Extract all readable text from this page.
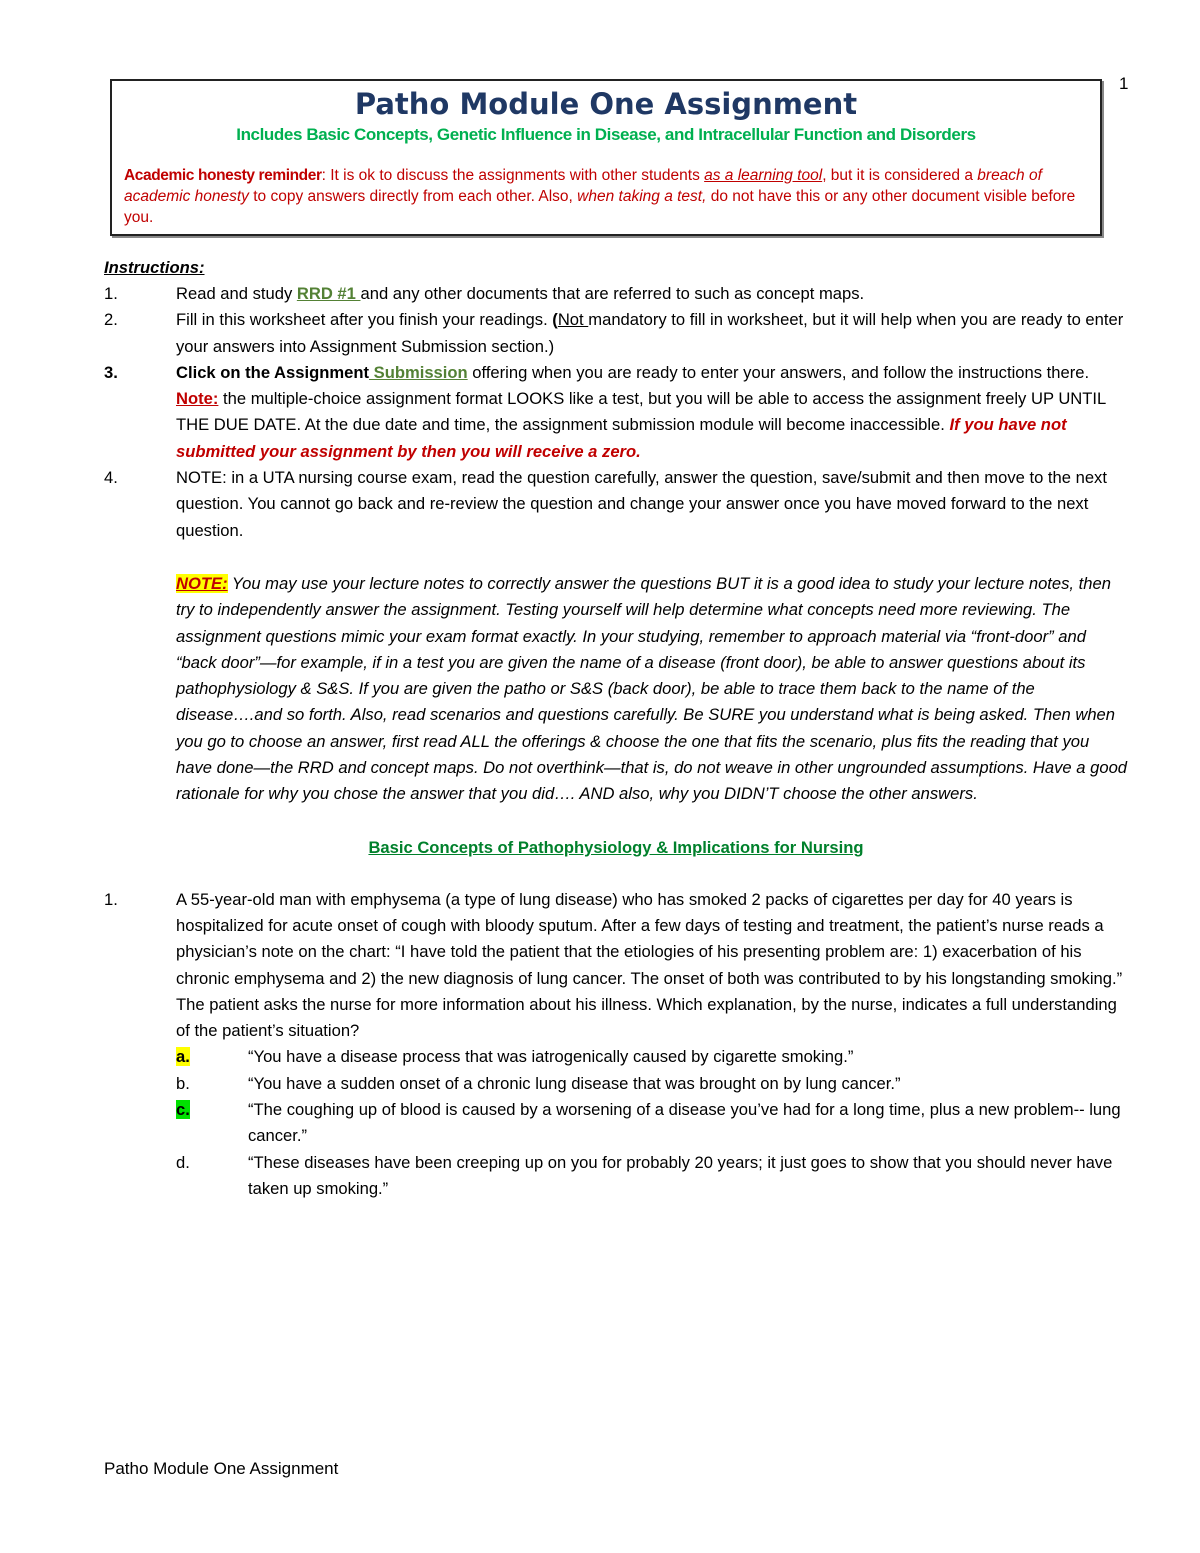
1
Patho Module One Assignment
Includes Basic Concepts, Genetic Influence in Disease, and Intracellular Function and Disorders
Academic honesty reminder: It is ok to discuss the assignments with other students as a learning tool, but it is considered a breach of academic honesty to copy answers directly from each other. Also, when taking a test, do not have this or any other document visible before you.
Instructions:
1.	Read and study RRD #1 and any other documents that are referred to such as concept maps.
2.	Fill in this worksheet after you finish your readings. (Not mandatory to fill in worksheet, but it will help when you are ready to enter your answers into Assignment Submission section.)
3.	Click on the Assignment Submission offering when you are ready to enter your answers, and follow the instructions there. Note: the multiple-choice assignment format LOOKS like a test, but you will be able to access the assignment freely UP UNTIL THE DUE DATE. At the due date and time, the assignment submission module will become inaccessible. If you have not submitted your assignment by then you will receive a zero.
4.	NOTE: in a UTA nursing course exam, read the question carefully, answer the question, save/submit and then move to the next question. You cannot go back and re-review the question and change your answer once you have moved forward to the next question.
NOTE: You may use your lecture notes to correctly answer the questions BUT it is a good idea to study your lecture notes, then try to independently answer the assignment. Testing yourself will help determine what concepts need more reviewing. The assignment questions mimic your exam format exactly. In your studying, remember to approach material via “front-door” and “back door”—for example, if in a test you are given the name of a disease (front door), be able to answer questions about its pathophysiology & S&S. If you are given the patho or S&S (back door), be able to trace them back to the name of the disease….and so forth. Also, read scenarios and questions carefully. Be SURE you understand what is being asked. Then when you go to choose an answer, first read ALL the offerings & choose the one that fits the scenario, plus fits the reading that you have done—the RRD and concept maps. Do not overthink—that is, do not weave in other ungrounded assumptions. Have a good rationale for why you chose the answer that you did…. AND also, why you DIDN’T choose the other answers.
Basic Concepts of Pathophysiology & Implications for Nursing
1.	A 55-year-old man with emphysema (a type of lung disease) who has smoked 2 packs of cigarettes per day for 40 years is hospitalized for acute onset of cough with bloody sputum. After a few days of testing and treatment, the patient’s nurse reads a physician’s note on the chart: “I have told the patient that the etiologies of his presenting problem are: 1) exacerbation of his chronic emphysema and 2) the new diagnosis of lung cancer. The onset of both was contributed to by his longstanding smoking.” The patient asks the nurse for more information about his illness. Which explanation, by the nurse, indicates a full understanding of the patient’s situation?
a.	“You have a disease process that was iatrogenically caused by cigarette smoking.”
b.	“You have a sudden onset of a chronic lung disease that was brought on by lung cancer.”
c.	“The coughing up of blood is caused by a worsening of a disease you’ve had for a long time, plus a new problem-- lung cancer.”
d.	“These diseases have been creeping up on you for probably 20 years; it just goes to show that you should never have taken up smoking.”
Patho Module One Assignment
